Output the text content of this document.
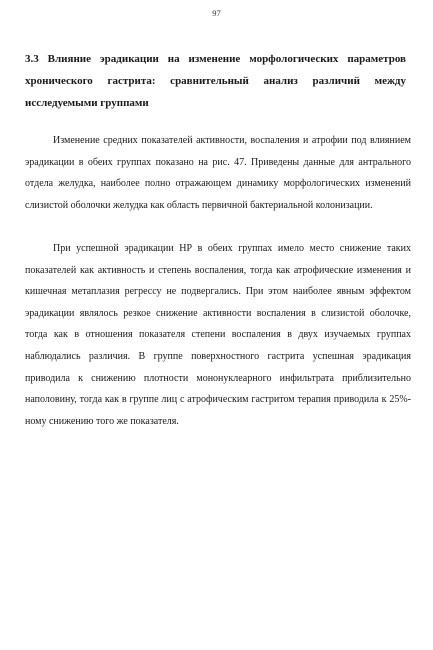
97
3.3 Влияние эрадикации на изменение морфологических параметров хронического гастрита: сравнительный анализ различий между исследуемыми группами

Изменение средних показателей активности, воспаления и атрофии под влиянием эрадикации в обеих группах показано на рис. 47. Приведены данные для антрального отдела желудка, наиболее полно отражающем динамику морфологических изменений слизистой оболочки желудка как область первичной бактериальной колонизации.

При успешной эрадикации НР в обеих группах имело место снижение таких показателей как активность и степень воспаления, тогда как атрофические изменения и кишечная метаплазия регрессу не подвергались. При этом наиболее явным эффектом эрадикации являлось резкое снижение активности воспаления в слизистой оболочке, тогда как в отношения показателя степени воспаления в двух изучаемых группах наблюдались различия. В группе поверхностного гастрита успешная эрадикация приводила к снижению плотности мононуклеарного инфильтрата приблизительно наполовину, тогда как в группе лиц с атрофическим гастритом терапия приводила к 25%-ному снижению того же показателя.
